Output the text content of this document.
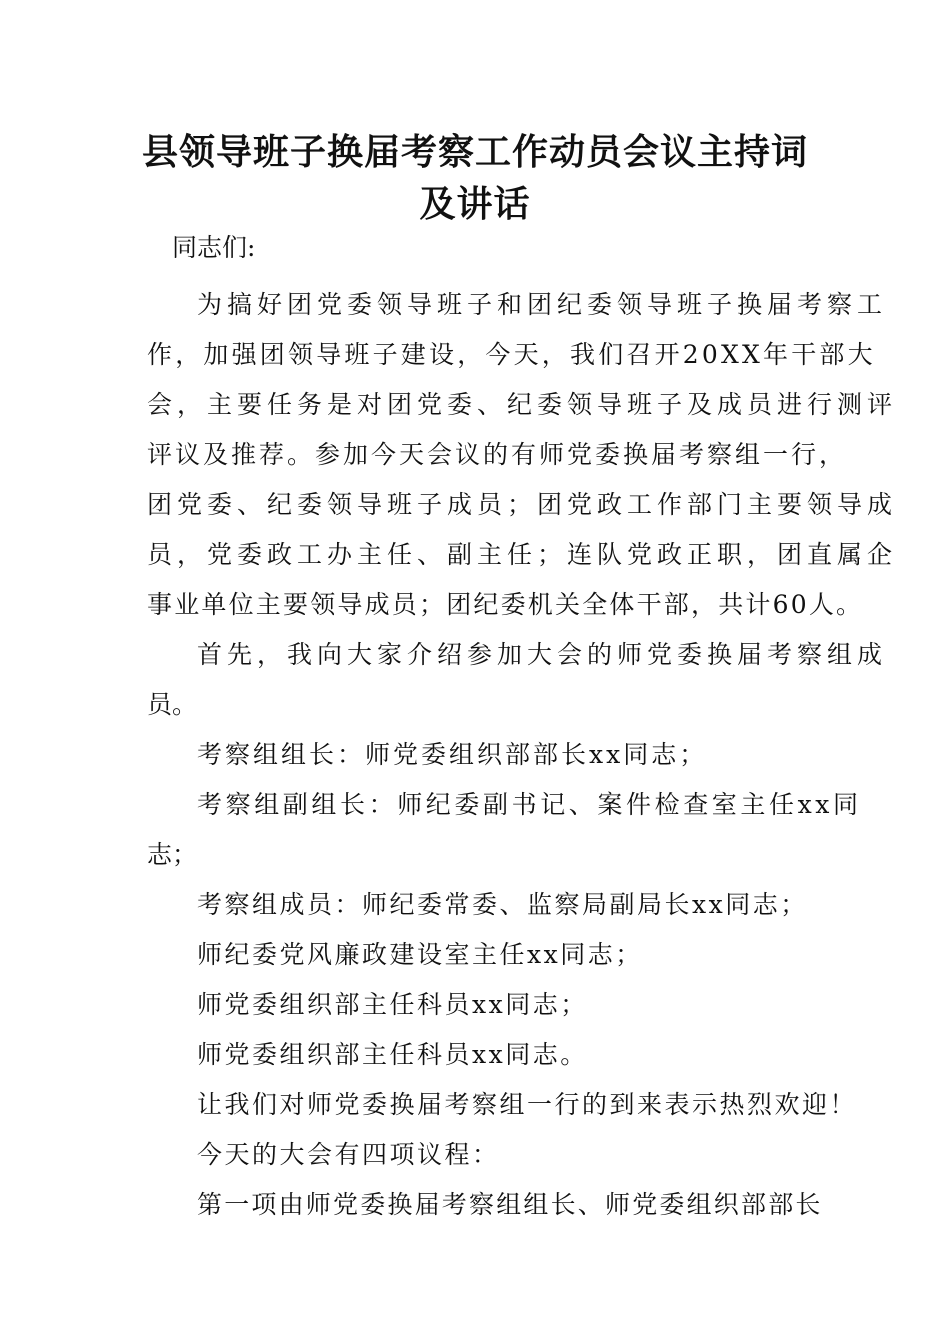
县领导班子换届考察工作动员会议主持词
及讲话

同志们:

为搞好团党委领导班子和团纪委领导班子换届考察工
作，加强团领导班子建设，今天，我们召开20XX年干部大
会，主要任务是对团党委、纪委领导班子及成员进行测评
评议及推荐。参加今天会议的有师党委换届考察组一行，
团党委、纪委领导班子成员；团党政工作部门主要领导成
员，党委政工办主任、副主任；连队党政正职，团直属企
事业单位主要领导成员；团纪委机关全体干部，共计60人。
首先，我向大家介绍参加大会的师党委换届考察组成
员。
考察组组长：师党委组织部部长xx同志；
考察组副组长：师纪委副书记、案件检查室主任xx同
志；
考察组成员：师纪委常委、监察局副局长xx同志；
师纪委党风廉政建设室主任xx同志；
师党委组织部主任科员xx同志；
师党委组织部主任科员xx同志。
让我们对师党委换届考察组一行的到来表示热烈欢迎！
今天的大会有四项议程：
第一项由师党委换届考察组组长、师党委组织部部长
